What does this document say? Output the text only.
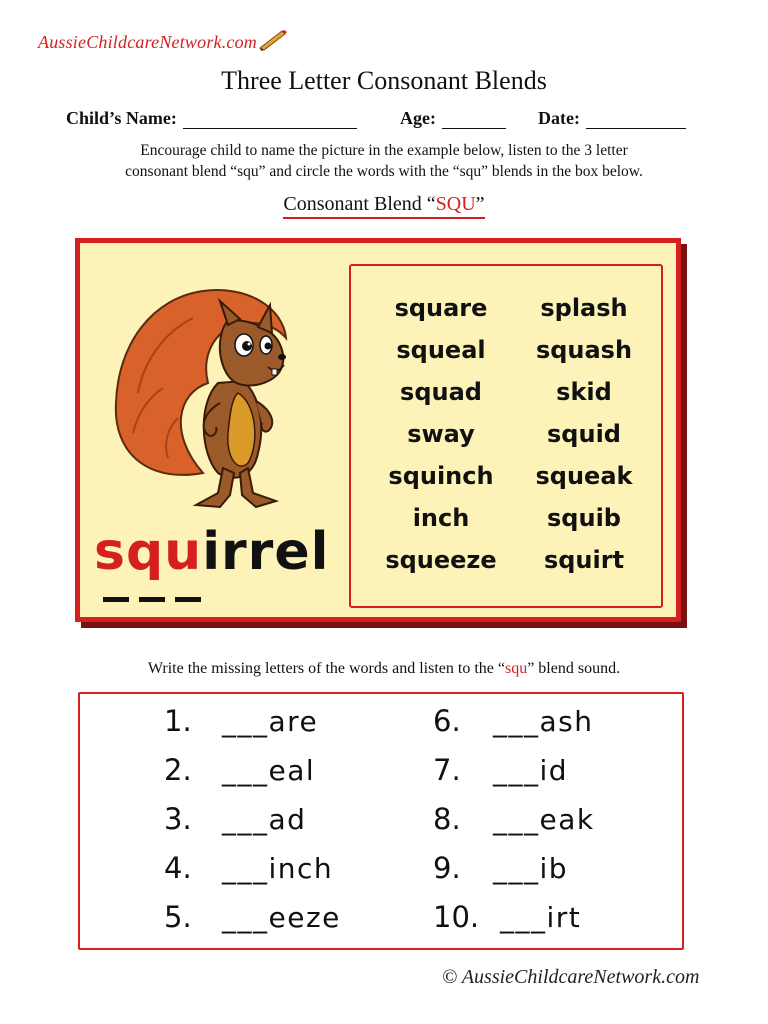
AussieChildcareNetwork.com
Three Letter Consonant Blends
Child’s Name:	Age:	Date:
Encourage child to name the picture in the example below, listen to the 3 letter
consonant blend “squ” and circle the words with the “squ” blends in the box below.
Consonant Blend “SQU”
squirrel
square
squeal
squad
sway
squinch
inch
squeeze
splash
squash
skid
squid
squeak
squib
squirt
Write the missing letters of the words and listen to the “squ” blend sound.
1. ___are
2. ___eal
3. ___ad
4. ___inch
5. ___eeze
6. ___ash
7. ___id
8. ___eak
9. ___ib
10. ___irt
© AussieChildcareNetwork.com
